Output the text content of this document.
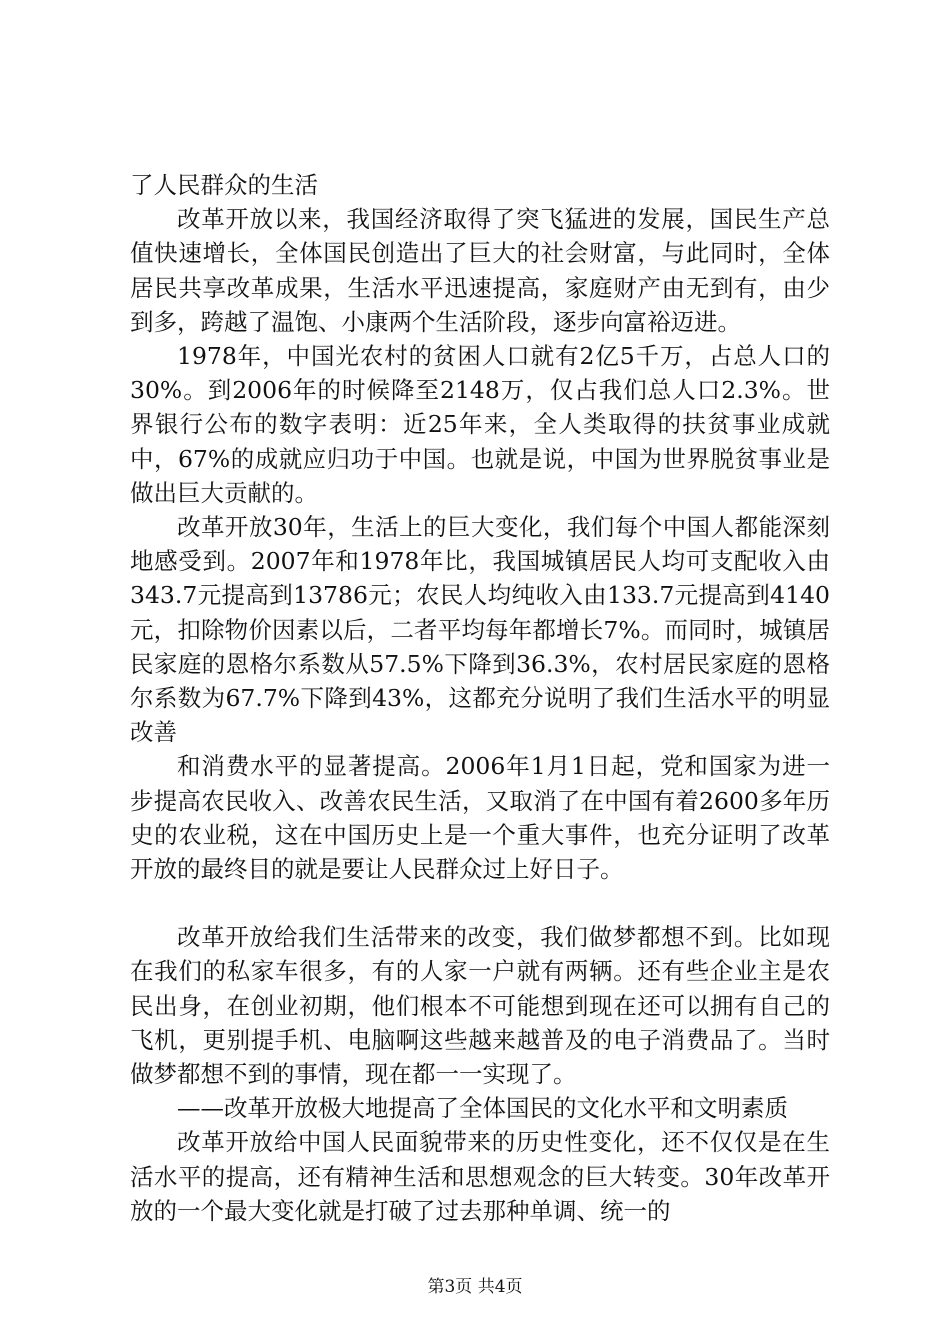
了人民群众的生活

改革开放以来，我国经济取得了突飞猛进的发展，国民生产总值快速增长，全体国民创造出了巨大的社会财富，与此同时，全体居民共享改革成果，生活水平迅速提高，家庭财产由无到有，由少到多，跨越了温饱、小康两个生活阶段，逐步向富裕迈进。

1978年，中国光农村的贫困人口就有2亿5千万，占总人口的30%。到2006年的时候降至2148万，仅占我们总人口2.3%。世界银行公布的数字表明：近25年来，全人类取得的扶贫事业成就中，67%的成就应归功于中国。也就是说，中国为世界脱贫事业是做出巨大贡献的。

改革开放30年，生活上的巨大变化，我们每个中国人都能深刻地感受到。2007年和1978年比，我国城镇居民人均可支配收入由343.7元提高到13786元；农民人均纯收入由133.7元提高到4140元，扣除物价因素以后，二者平均每年都增长7%。而同时，城镇居民家庭的恩格尔系数从57.5%下降到36.3%，农村居民家庭的恩格尔系数为67.7%下降到43%，这都充分说明了我们生活水平的明显改善

和消费水平的显著提高。2006年1月1日起，党和国家为进一步提高农民收入、改善农民生活，又取消了在中国有着2600多年历史的农业税，这在中国历史上是一个重大事件，也充分证明了改革开放的最终目的就是要让人民群众过上好日子。

改革开放给我们生活带来的改变，我们做梦都想不到。比如现在我们的私家车很多，有的人家一户就有两辆。还有些企业主是农民出身，在创业初期，他们根本不可能想到现在还可以拥有自己的飞机，更别提手机、电脑啊这些越来越普及的电子消费品了。当时做梦都想不到的事情，现在都一一实现了。

——改革开放极大地提高了全体国民的文化水平和文明素质

改革开放给中国人民面貌带来的历史性变化，还不仅仅是在生活水平的提高，还有精神生活和思想观念的巨大转变。30年改革开放的一个最大变化就是打破了过去那种单调、统一的

第3页 共4页
